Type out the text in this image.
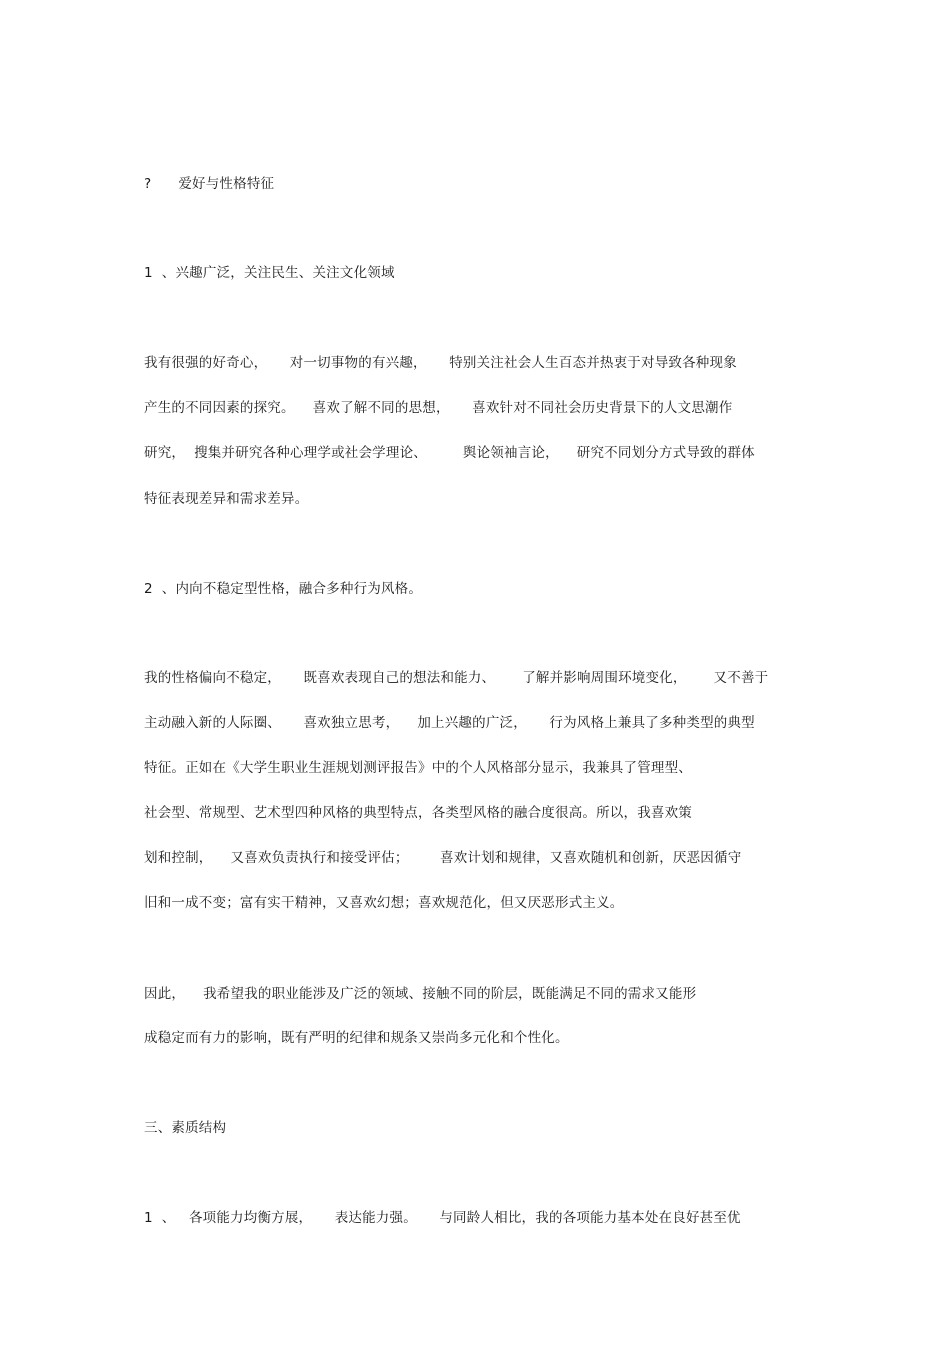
?      爱好与性格特征
1  、兴趣广泛，关注民生、关注文化领域
我有很强的好奇心，     对一切事物的有兴趣，     特别关注社会人生百态并热衷于对导致各种现象
产生的不同因素的探究。    喜欢了解不同的思想，     喜欢针对不同社会历史背景下的人文思潮作
研究，  搜集并研究各种心理学或社会学理论、        舆论领袖言论，    研究不同划分方式导致的群体
特征表现差异和需求差异。
2  、内向不稳定型性格，融合多种行为风格。
我的性格偏向不稳定，     既喜欢表现自己的想法和能力、      了解并影响周围环境变化，      又不善于
主动融入新的人际圈、     喜欢独立思考，    加上兴趣的广泛，     行为风格上兼具了多种类型的典型
特征。正如在《大学生职业生涯规划测评报告》中的个人风格部分显示，我兼具了管理型、
社会型、常规型、艺术型四种风格的典型特点，各类型风格的融合度很高。所以，我喜欢策
划和控制，    又喜欢负责执行和接受评估；       喜欢计划和规律，又喜欢随机和创新，厌恶因循守
旧和一成不变；富有实干精神，又喜欢幻想；喜欢规范化，但又厌恶形式主义。
因此，    我希望我的职业能涉及广泛的领域、接触不同的阶层，既能满足不同的需求又能形
成稳定而有力的影响，既有严明的纪律和规条又崇尚多元化和个性化。
三、素质结构
1  、   各项能力均衡方展，     表达能力强。     与同龄人相比，我的各项能力基本处在良好甚至优
